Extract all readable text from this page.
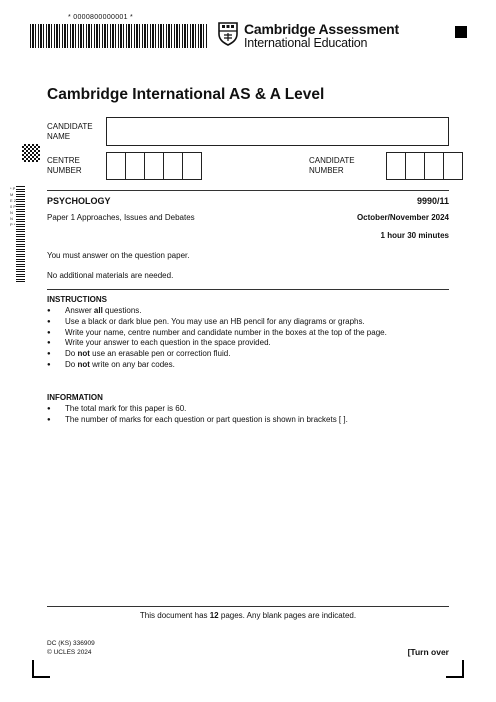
* 0000800000001 *
Cambridge Assessment
International Education
Cambridge International AS & A Level
CANDIDATE NAME
* P M E 2 0 P N N P *
CENTRE NUMBER
CANDIDATE NUMBER
PSYCHOLOGY	9990/11
Paper 1 Approaches, Issues and Debates	October/November 2024
1 hour 30 minutes
You must answer on the question paper.
No additional materials are needed.
INSTRUCTIONS
● Answer all questions.
● Use a black or dark blue pen. You may use an HB pencil for any diagrams or graphs.
● Write your name, centre number and candidate number in the boxes at the top of the page.
● Write your answer to each question in the space provided.
● Do not use an erasable pen or correction fluid.
● Do not write on any bar codes.
INFORMATION
● The total mark for this paper is 60.
● The number of marks for each question or part question is shown in brackets [ ].
This document has 12 pages. Any blank pages are indicated.
DC (KS) 336909
© UCLES 2024	[Turn over
